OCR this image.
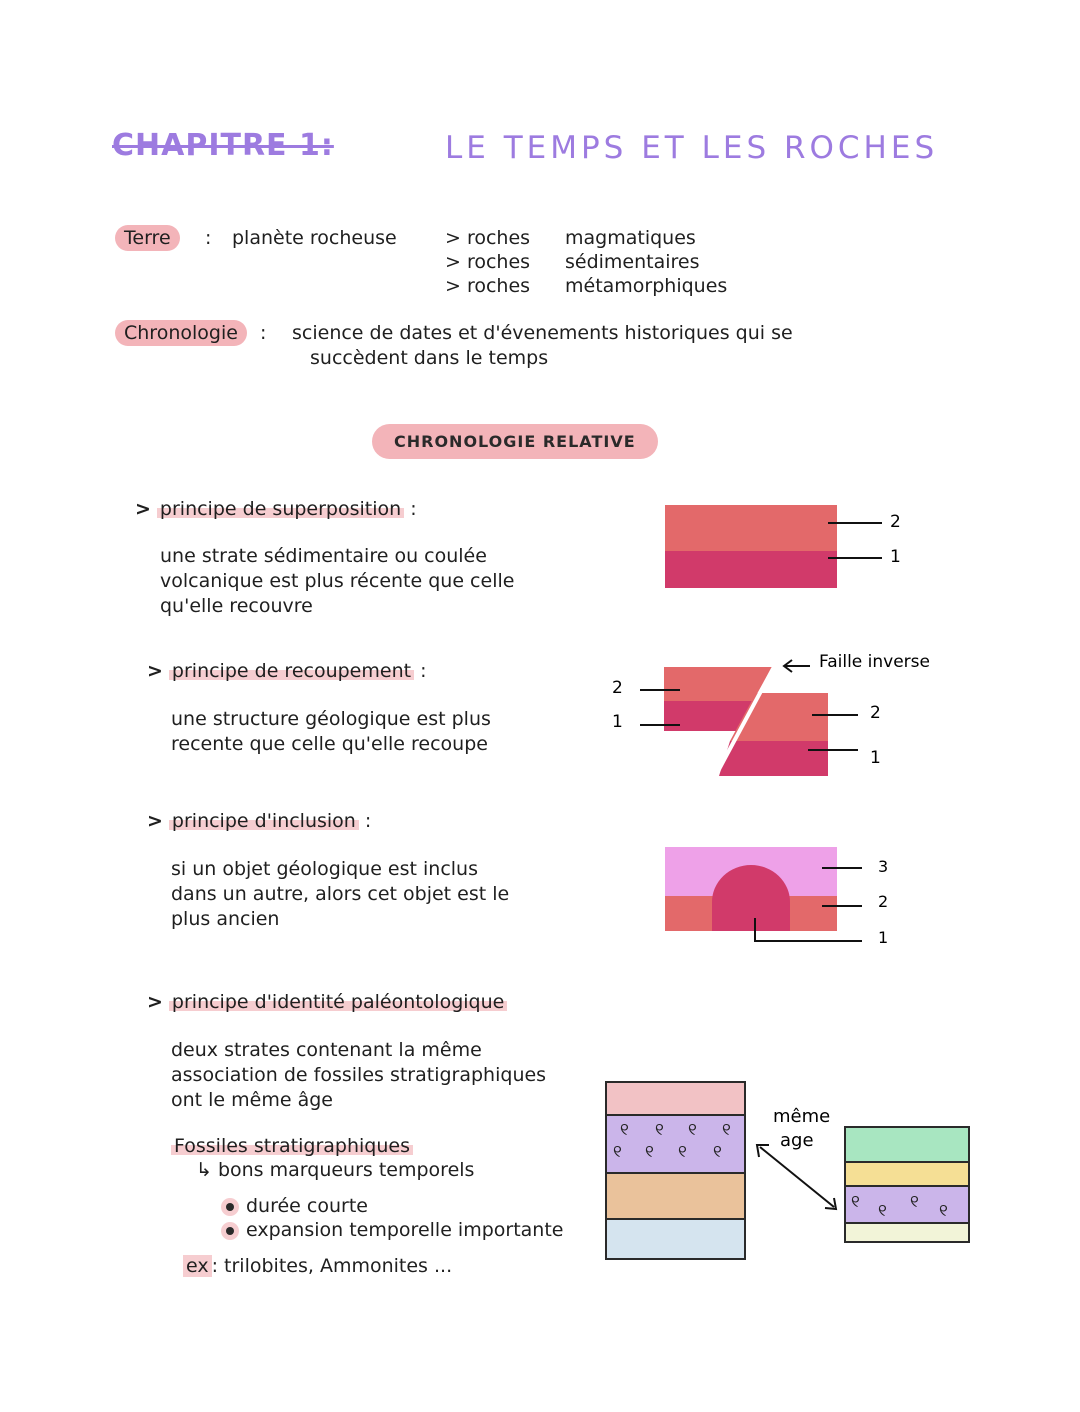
CHAPITRE 1:	LE TEMPS ET LES ROCHES
Terre	: planète rocheuse	> roches magmatiques
> roches sédimentaires
> roches métamorphiques
Chronologie	: science de dates et d'évenements historiques qui se
succèdent dans le temps
CHRONOLOGIE RELATIVE
> principe de superposition :
une strate sédimentaire ou coulée
volcanique est plus récente que celle
qu'elle recouvre
2
1
> principe de recoupement :
une structure géologique est plus
recente que celle qu'elle recoupe
2
1	2
1
Faille inverse
> principe d'inclusion :
si un objet géologique est inclus
dans un autre, alors cet objet est le
plus ancien
3
2
1
> principe d'identité paléontologique
deux strates contenant la même
association de fossiles stratigraphiques
ont le même âge
Fossiles stratigraphiques
↳ bons marqueurs temporels
durée courte
expansion temporelle importante
ex : trilobites, Ammonites ...
୧ ୧ ୧ ୧
୧ ୧ ୧ ୧
même
age
୧ ୧ ୧ ୧
